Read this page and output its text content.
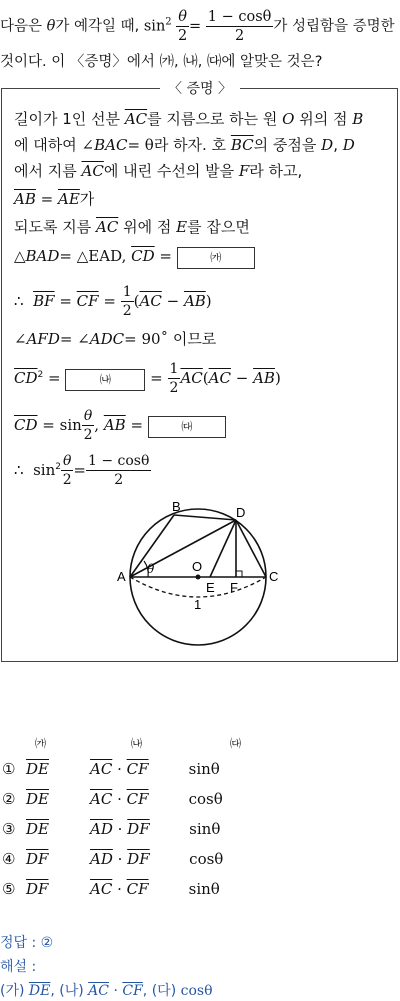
다음은 θ가 예각일 때, $\sin^2 \frac{\theta}{2} = \frac{1 - \cos\theta}{2}$ 가 성립함을 증명한
것이다. 이 〈증명〉에서 ㈎, ㈏, ㈐에 알맞은 것은?
〈 증명 〉
길이가 1인 선분 $\overline{AC}$를 지름으로 하는 원 O 위의 점 B
에 대하여 ∠BAC= θ라 하자. 호 $\overline{BC}$의 중점을 D, D
에서 지름 $\overline{AC}$에 내린 수선의 발을 F라 하고,
$\overline{AB} = \overline{AE}$가
되도록 지름 $\overline{AC}$ 위에 점 E를 잡으면
△BAD= △EAD, $\overline{CD}$ =	㈎
∴ $\overline{BF} = \overline{CF} = \frac{1}{2} (\overline{AC} - \overline{AB})$
∠AFD= ∠ADC= 90˚ 이므로
$\overline{CD}^2$ =	㈏	= $\frac{1}{2} \overline{AC}(\overline{AC} - \overline{AB})$
$\overline{CD} = \sin \frac{\theta}{2}$ , $\overline{AB}$ =	㈐
∴ $\sin^2 \frac{\theta}{2} = \frac{1 - \cos\theta}{2}$
A
B
C
D
O
E F
θ
1
㈎	㈏	㈐
① $\overline{DE}$	$\overline{AC} \cdot \overline{CF}$	sinθ
② $\overline{DE}$	$\overline{AC} \cdot \overline{CF}$	cosθ
③ $\overline{DE}$	$\overline{AD} \cdot \overline{DF}$	sinθ
④ $\overline{DF}$	$\overline{AD} \cdot \overline{DF}$	cosθ
⑤ $\overline{DF}$	$\overline{AC} \cdot \overline{CF}$	sinθ
정답 : ②
해설 :
(가) $\overline{DE}$, (나) $\overline{AC} \cdot \overline{CF}$, (다) cosθ
